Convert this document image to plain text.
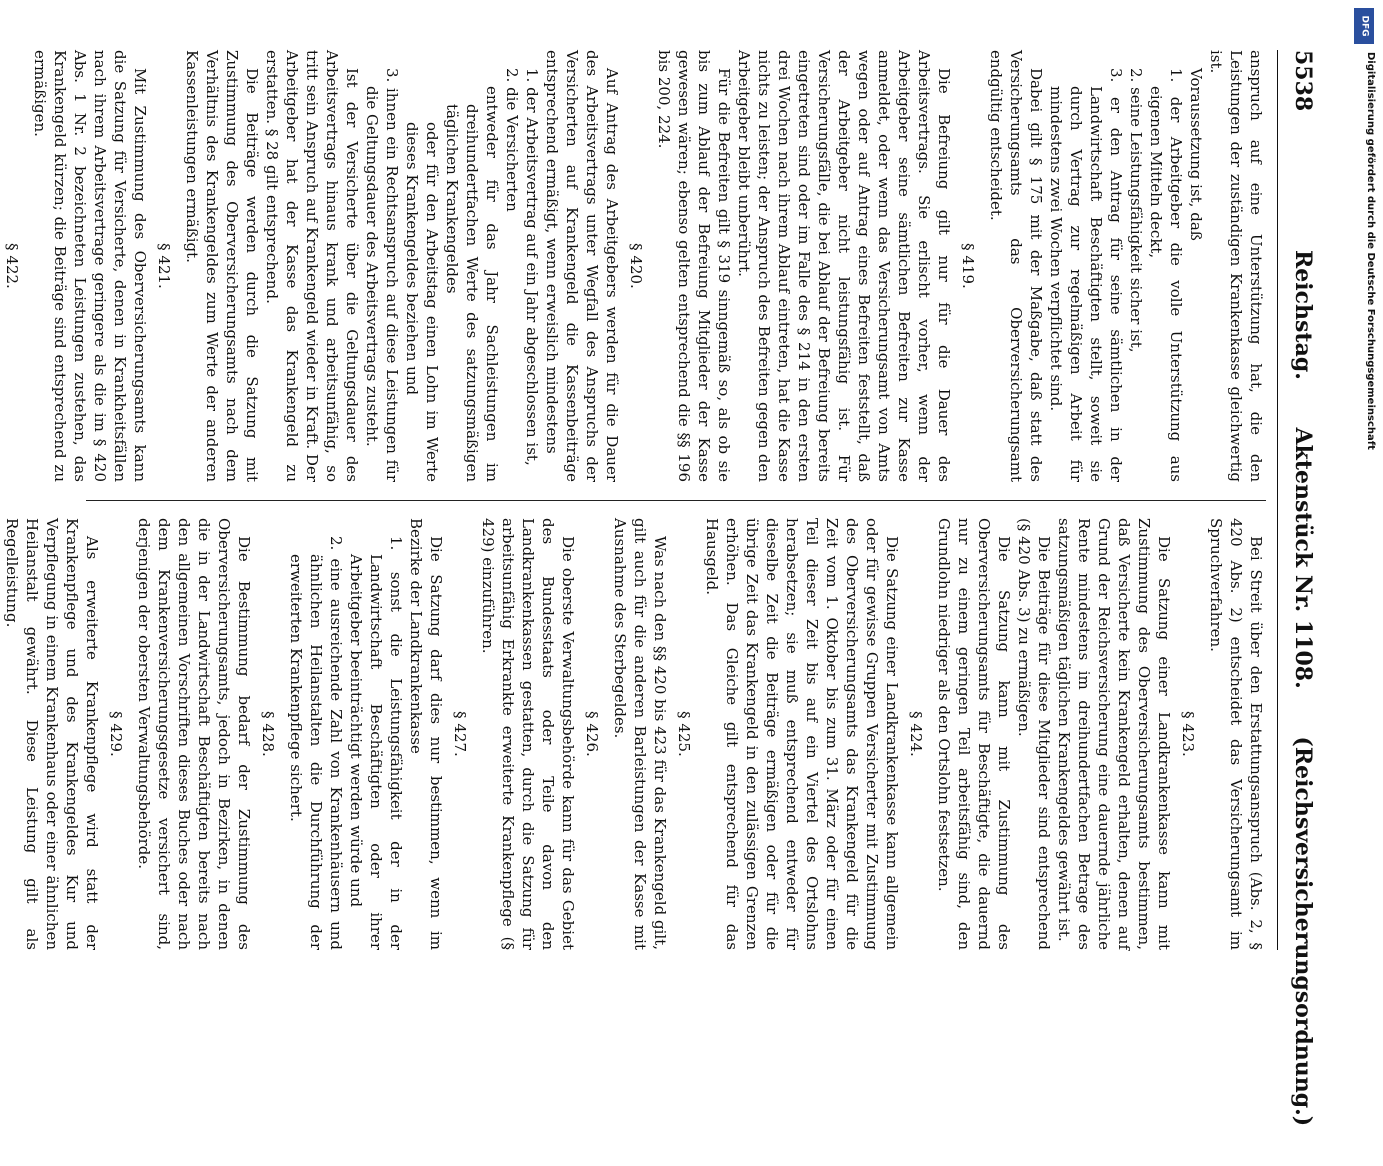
5538
Reichstag. Aktenstück Nr. 1108. (Reichsversicherungsordnung.)

anspruch auf eine Unterstützung hat, die den Leistungen der zuständigen Krankenkasse gleichwertig ist.

Voraussetzung ist, daß

1. der Arbeitgeber die volle Unterstützung aus eigenen Mitteln deckt,

2. seine Leistungsfähigkeit sicher ist,

3. er den Antrag für seine sämtlichen in der Landwirtschaft Beschäftigten stellt, soweit sie durch Vertrag zur regelmäßigen Arbeit für mindestens zwei Wochen verpflichtet sind.

Dabei gilt § 175 mit der Maßgabe, daß statt des Versicherungsamts das Oberversicherungsamt endgültig entscheidet.

§ 419.

Die Befreiung gilt nur für die Dauer des Arbeitsvertrags. Sie erlischt vorher, wenn der Arbeitgeber seine sämtlichen Befreiten zur Kasse anmeldet, oder wenn das Versicherungsamt von Amts wegen oder auf Antrag eines Befreiten feststellt, daß der Arbeitgeber nicht leistungsfähig ist. Für Versicherungsfälle, die bei Ablauf der Befreiung bereits eingetreten sind oder im Falle des § 214 in den ersten drei Wochen nach ihrem Ablauf eintreten, hat die Kasse nichts zu leisten; der Anspruch des Befreiten gegen den Arbeitgeber bleibt unberührt.

Für die Befreiten gilt § 319 sinngemäß so, als ob sie bis zum Ablauf der Befreiung Mitglieder der Kasse gewesen wären; ebenso gelten entsprechend die §§ 196 bis 200, 224.

§ 420.

Auf Antrag des Arbeitgebers werden für die Dauer des Arbeitsvertrags unter Wegfall des Anspruchs der Versicherten auf Krankengeld die Kassenbeiträge entsprechend ermäßigt, wenn erweislich mindestens

1. der Arbeitsvertrag auf ein Jahr abgeschlossen ist,

2. die Versicherten

entweder für das Jahr Sachleistungen im dreihundertfachen Werte des satzungsmäßigen täglichen Krankengeldes

oder für den Arbeitstag einen Lohn im Werte dieses Krankengeldes beziehen und

3. ihnen ein Rechtsanspruch auf diese Leistungen für die Geltungsdauer des Arbeitsvertrags zusteht.

Ist der Versicherte über die Geltungsdauer des Arbeitsvertrags hinaus krank und arbeitsunfähig, so tritt sein Anspruch auf Krankengeld wieder in Kraft. Der Arbeitgeber hat der Kasse das Krankengeld zu erstatten. § 28 gilt entsprechend.

Die Beiträge werden durch die Satzung mit Zustimmung des Oberversicherungsamts nach dem Verhältnis des Krankengeldes zum Werte der anderen Kassenleistungen ermäßigt.

§ 421.

Mit Zustimmung des Oberversicherungsamts kann die Satzung für Versicherte, denen in Krankheitsfällen nach ihrem Arbeitsvertrage geringere als die im § 420 Abs. 1 Nr. 2 bezeichneten Leistungen zustehen, das Krankengeld kürzen; die Beiträge sind entsprechend zu ermäßigen.

§ 422.

Bei Streit über den Erstattungsanspruch (Abs. 2, § 420 Abs. 2) entscheidet das Versicherungsamt im Spruchverfahren.

§ 423.

Die Satzung einer Landkrankenkasse kann mit Zustimmung des Oberversicherungsamts bestimmen, daß Versicherte kein Krankengeld erhalten, denen auf Grund der Reichsversicherung eine dauernde jährliche Rente mindestens im dreihundertfachen Betrage des satzungsmäßigen täglichen Krankengeldes gewährt ist.

Die Beiträge für diese Mitglieder sind entsprechend (§ 420 Abs. 3) zu ermäßigen.

Die Satzung kann mit Zustimmung des Oberversicherungsamts für Beschäftigte, die dauernd nur zu einem geringen Teil arbeitsfähig sind, den Grundlohn niedriger als den Ortslohn festsetzen.

§ 424.

Die Satzung einer Landkrankenkasse kann allgemein oder für gewisse Gruppen Versicherter mit Zustimmung des Oberversicherungsamts das Krankengeld für die Zeit vom 1. Oktober bis zum 31. März oder für einen Teil dieser Zeit bis auf ein Viertel des Ortslohns herabsetzen; sie muß entsprechend entweder für dieselbe Zeit die Beiträge ermäßigen oder für die übrige Zeit das Krankengeld in den zulässigen Grenzen erhöhen. Das Gleiche gilt entsprechend für das Hausgeld.

§ 425.

Was nach den §§ 420 bis 423 für das Krankengeld gilt, gilt auch für die anderen Barleistungen der Kasse mit Ausnahme des Sterbegeldes.

§ 426.

Die oberste Verwaltungsbehörde kann für das Gebiet des Bundesstaats oder Teile davon den Landkrankenkassen gestatten, durch die Satzung für arbeitsunfähig Erkrankte erweiterte Krankenpflege (§ 429) einzuführen.

§ 427.

Die Satzung darf dies nur bestimmen, wenn im Bezirke der Landkrankenkasse

1. sonst die Leistungsfähigkeit der in der Landwirtschaft Beschäftigten oder ihrer Arbeitgeber beeinträchtigt werden würde und

2. eine ausreichende Zahl von Krankenhäusern und ähnlichen Heilanstalten die Durchführung der erweiterten Krankenpflege sichert.

§ 428.

Die Bestimmung bedarf der Zustimmung des Oberversicherungsamts, jedoch in Bezirken, in denen die in der Landwirtschaft Beschäftigten bereits nach den allgemeinen Vorschriften dieses Buches oder nach dem Krankenversicherungsgesetze versichert sind, derjenigen der obersten Verwaltungsbehörde.

§ 429.

Als erweiterte Krankenpflege wird statt der Krankenpflege und des Krankengeldes Kur und Verpflegung in einem Krankenhaus oder einer ähnlichen Heilanstalt gewährt. Diese Leistung gilt als Regelleistung.

DFG
Digitalisierung gefördert durch die Deutsche Forschungsgemeinschaft
